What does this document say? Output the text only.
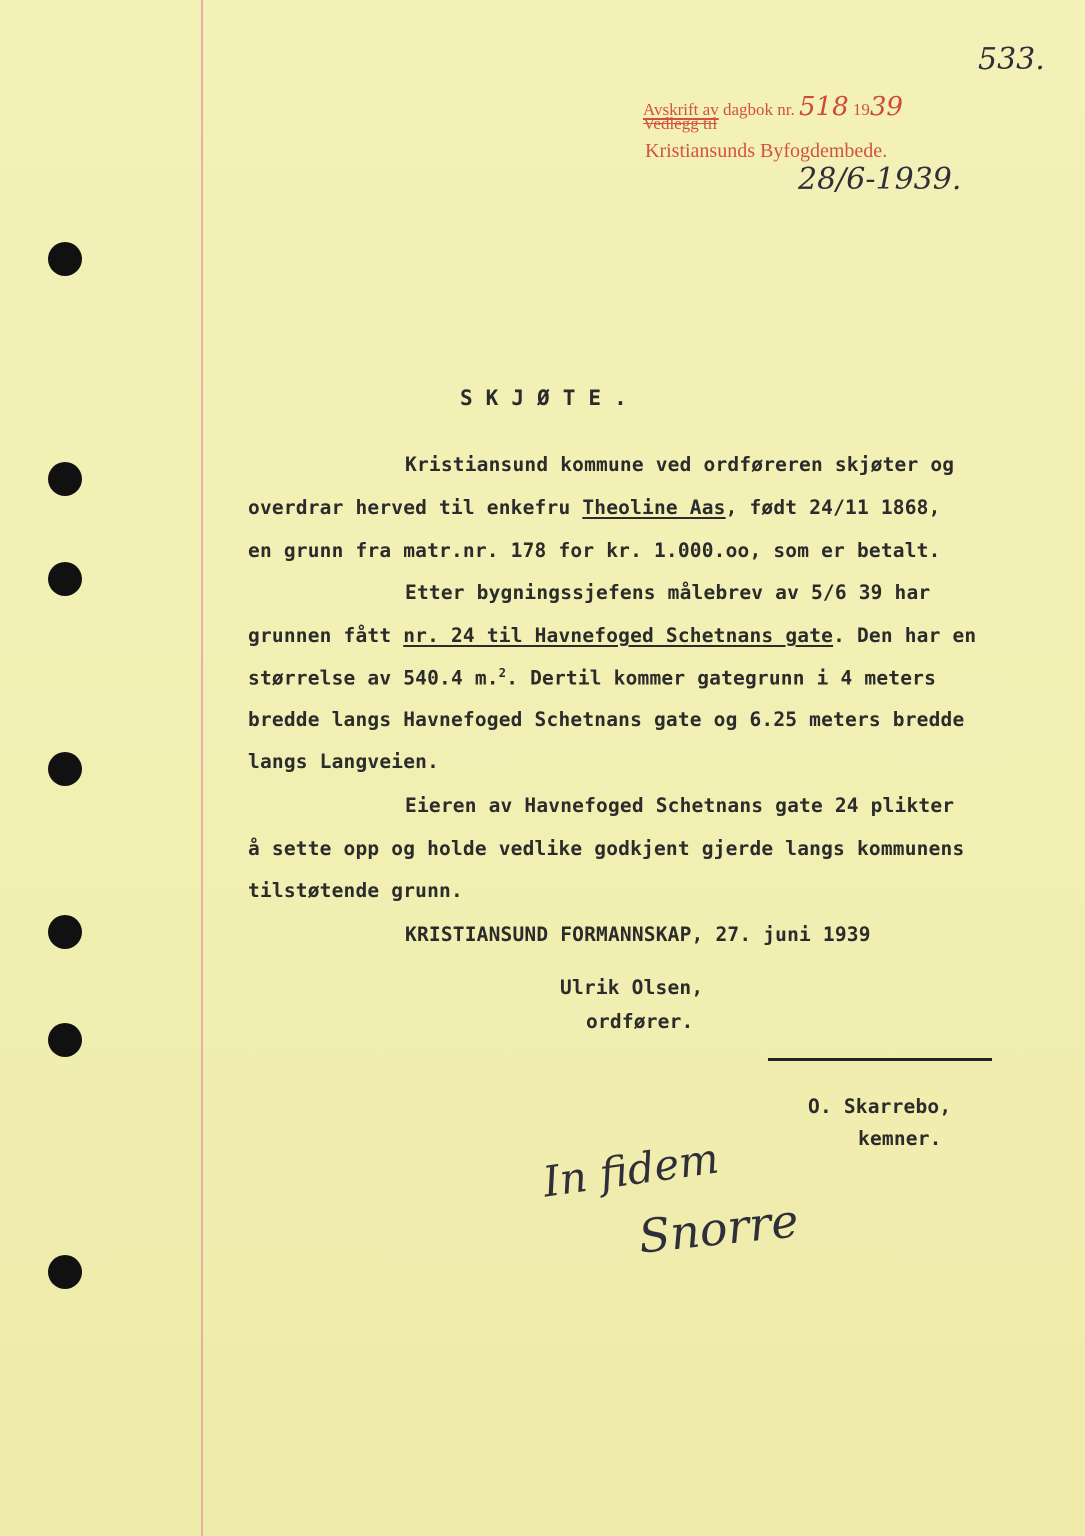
533.
Avskrift av dagbok nr. 518 1939
Vedlegg til
Kristiansunds Byfogdembede.
28/6-1939.
S K J Ø T E .
Kristiansund kommune ved ordføreren skjøter og
overdrar herved til enkefru Theoline Aas, født 24/11 1868,
en grunn fra matr.nr. 178 for kr. 1.000.oo, som er betalt.
Etter bygningssjefens målebrev av 5/6 39 har
grunnen fått nr. 24 til Havnefoged Schetnans gate. Den har en
størrelse av 540.4 m.$^2$. Dertil kommer gategrunn i 4 meters
bredde langs Havnefoged Schetnans gate og 6.25 meters bredde
langs Langveien.
Eieren av Havnefoged Schetnans gate 24 plikter
å sette opp og holde vedlike godkjent gjerde langs kommunens
tilstøtende grunn.
KRISTIANSUND FORMANNSKAP, 27. juni 1939
Ulrik Olsen,
ordfører.
O. Skarrebo,
kemner.
In fidem
Snorre
